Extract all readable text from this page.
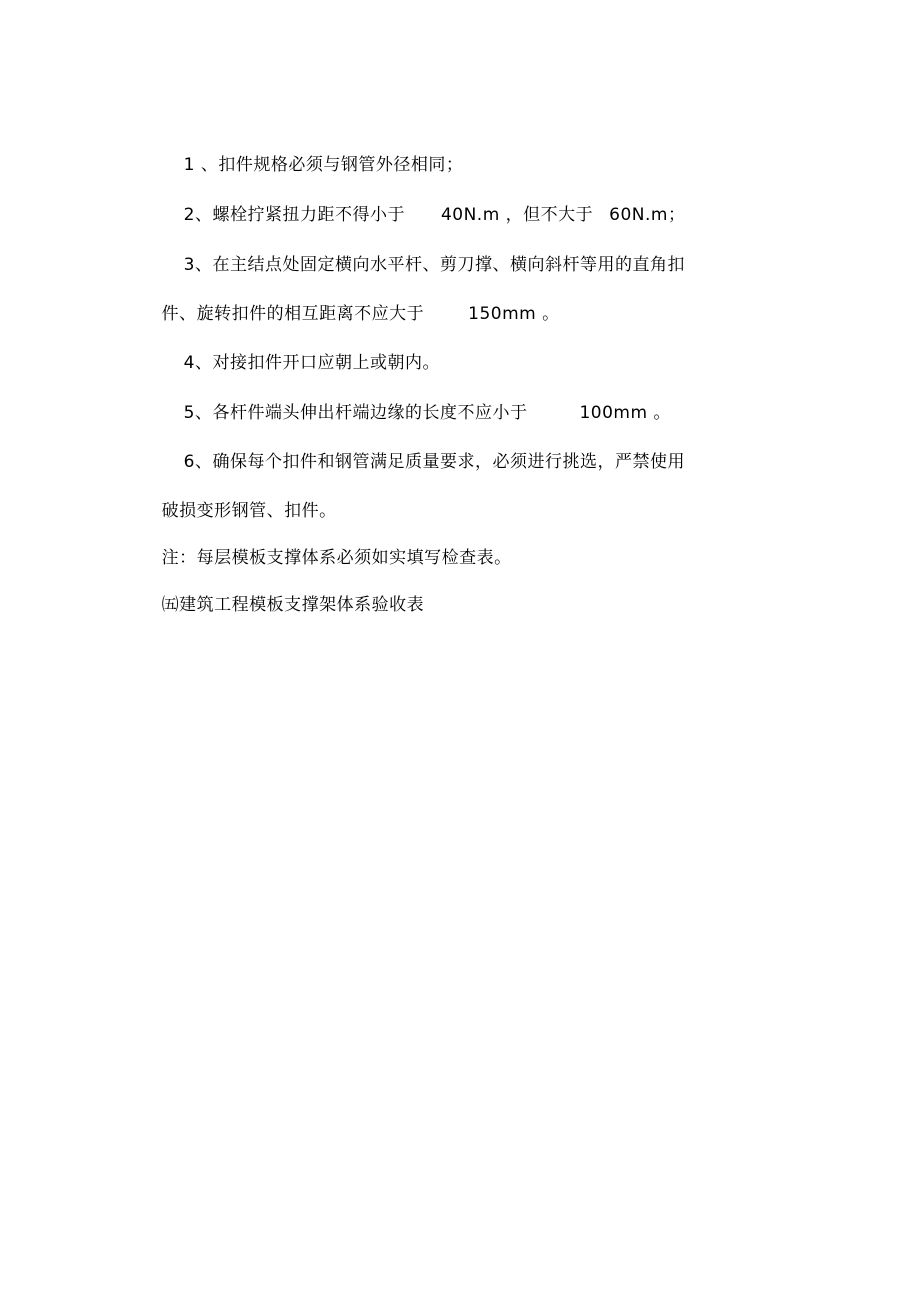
1 、扣件规格必须与钢管外径相同；

2、螺栓拧紧扭力距不得小于 40N.m ，但不大于 60N.m；

3、在主结点处固定横向水平杆、剪刀撑、横向斜杆等用的直角扣

件、旋转扣件的相互距离不应大于	150mm 。

4、对接扣件开口应朝上或朝内。

5、各杆件端头伸出杆端边缘的长度不应小于	100mm 。

6、确保每个扣件和钢管满足质量要求，必须进行挑选，严禁使用

破损变形钢管、扣件。

注：每层模板支撑体系必须如实填写检查表。

㈤建筑工程模板支撑架体系验收表
